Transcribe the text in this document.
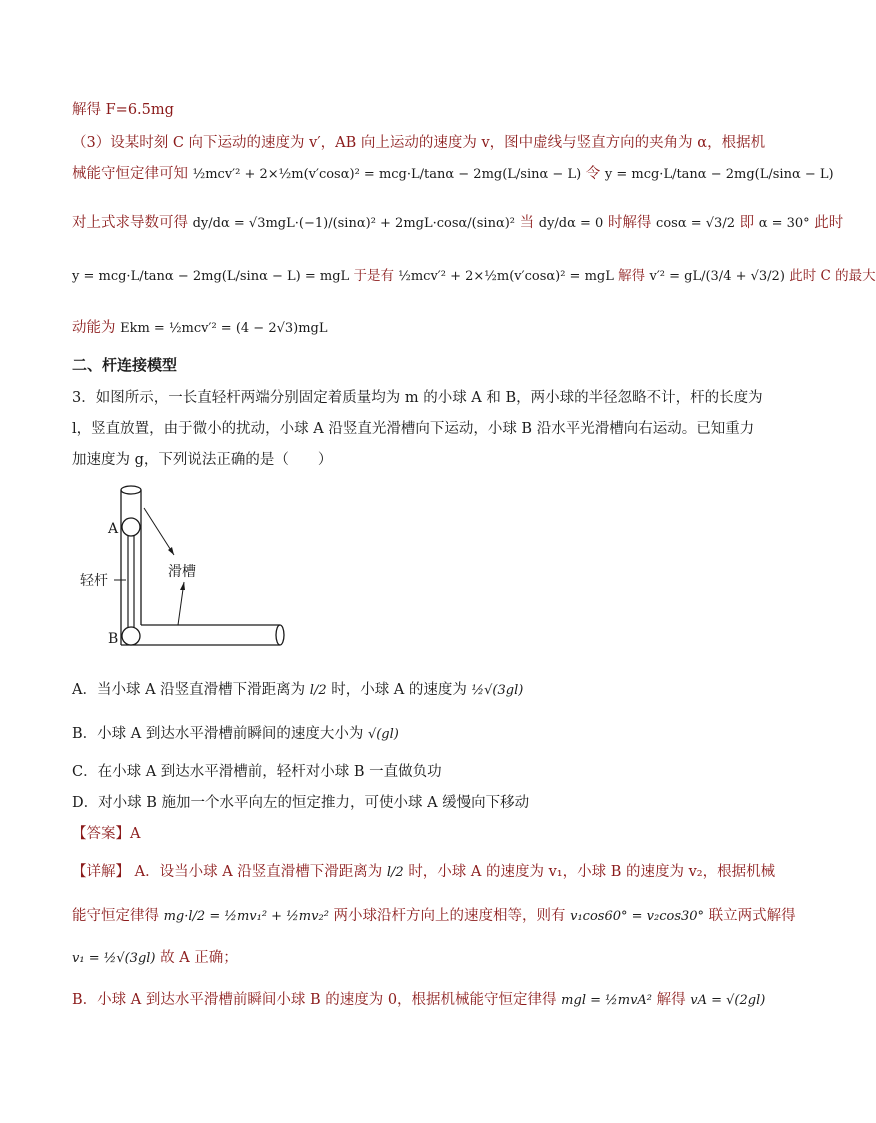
解得 F=6.5mg
（3）设某时刻 C 向下运动的速度为 v′，AB 向上运动的速度为 v，图中虚线与竖直方向的夹角为 α，根据机
械能守恒定律可知 ½mcv′² + 2×½m(v′cosα)² = mcg·L/tanα − 2mg(L/sinα − L) 令 y = mcg·L/tanα − 2mg(L/sinα − L)
对上式求导数可得 dy/dα = √3mgL·(−1)/(sinα)² + 2mgL·cosα/(sinα)² 当 dy/dα = 0 时解得 cosα = √3/2 即 α = 30° 此时
y = mcg·L/tanα − 2mg(L/sinα − L) = mgL 于是有 ½mcv′² + 2×½m(v′cosα)² = mgL 解得 v′² = gL/(3/4 + √3/2) 此时 C 的最大
动能为 Ekm = ½mcv′² = (4 − 2√3)mgL
二、杆连接模型
3．如图所示，一长直轻杆两端分别固定着质量均为 m 的小球 A 和 B，两小球的半径忽略不计，杆的长度为
l，竖直放置，由于微小的扰动，小球 A 沿竖直光滑槽向下运动，小球 B 沿水平光滑槽向右运动。已知重力
加速度为 g，下列说法正确的是（　　）
A
B
轻杆
滑槽
A．当小球 A 沿竖直滑槽下滑距离为 l/2 时，小球 A 的速度为 ½√(3gl)
B．小球 A 到达水平滑槽前瞬间的速度大小为 √(gl)
C．在小球 A 到达水平滑槽前，轻杆对小球 B 一直做负功
D．对小球 B 施加一个水平向左的恒定推力，可使小球 A 缓慢向下移动
【答案】A
【详解】 A．设当小球 A 沿竖直滑槽下滑距离为 l/2 时，小球 A 的速度为 v₁，小球 B 的速度为 v₂，根据机械
能守恒定律得 mg·l/2 = ½mv₁² + ½mv₂² 两小球沿杆方向上的速度相等，则有 v₁cos60° = v₂cos30° 联立两式解得
v₁ = ½√(3gl) 故 A 正确；
B．小球 A 到达水平滑槽前瞬间小球 B 的速度为 0，根据机械能守恒定律得 mgl = ½mvA² 解得 vA = √(2gl)
